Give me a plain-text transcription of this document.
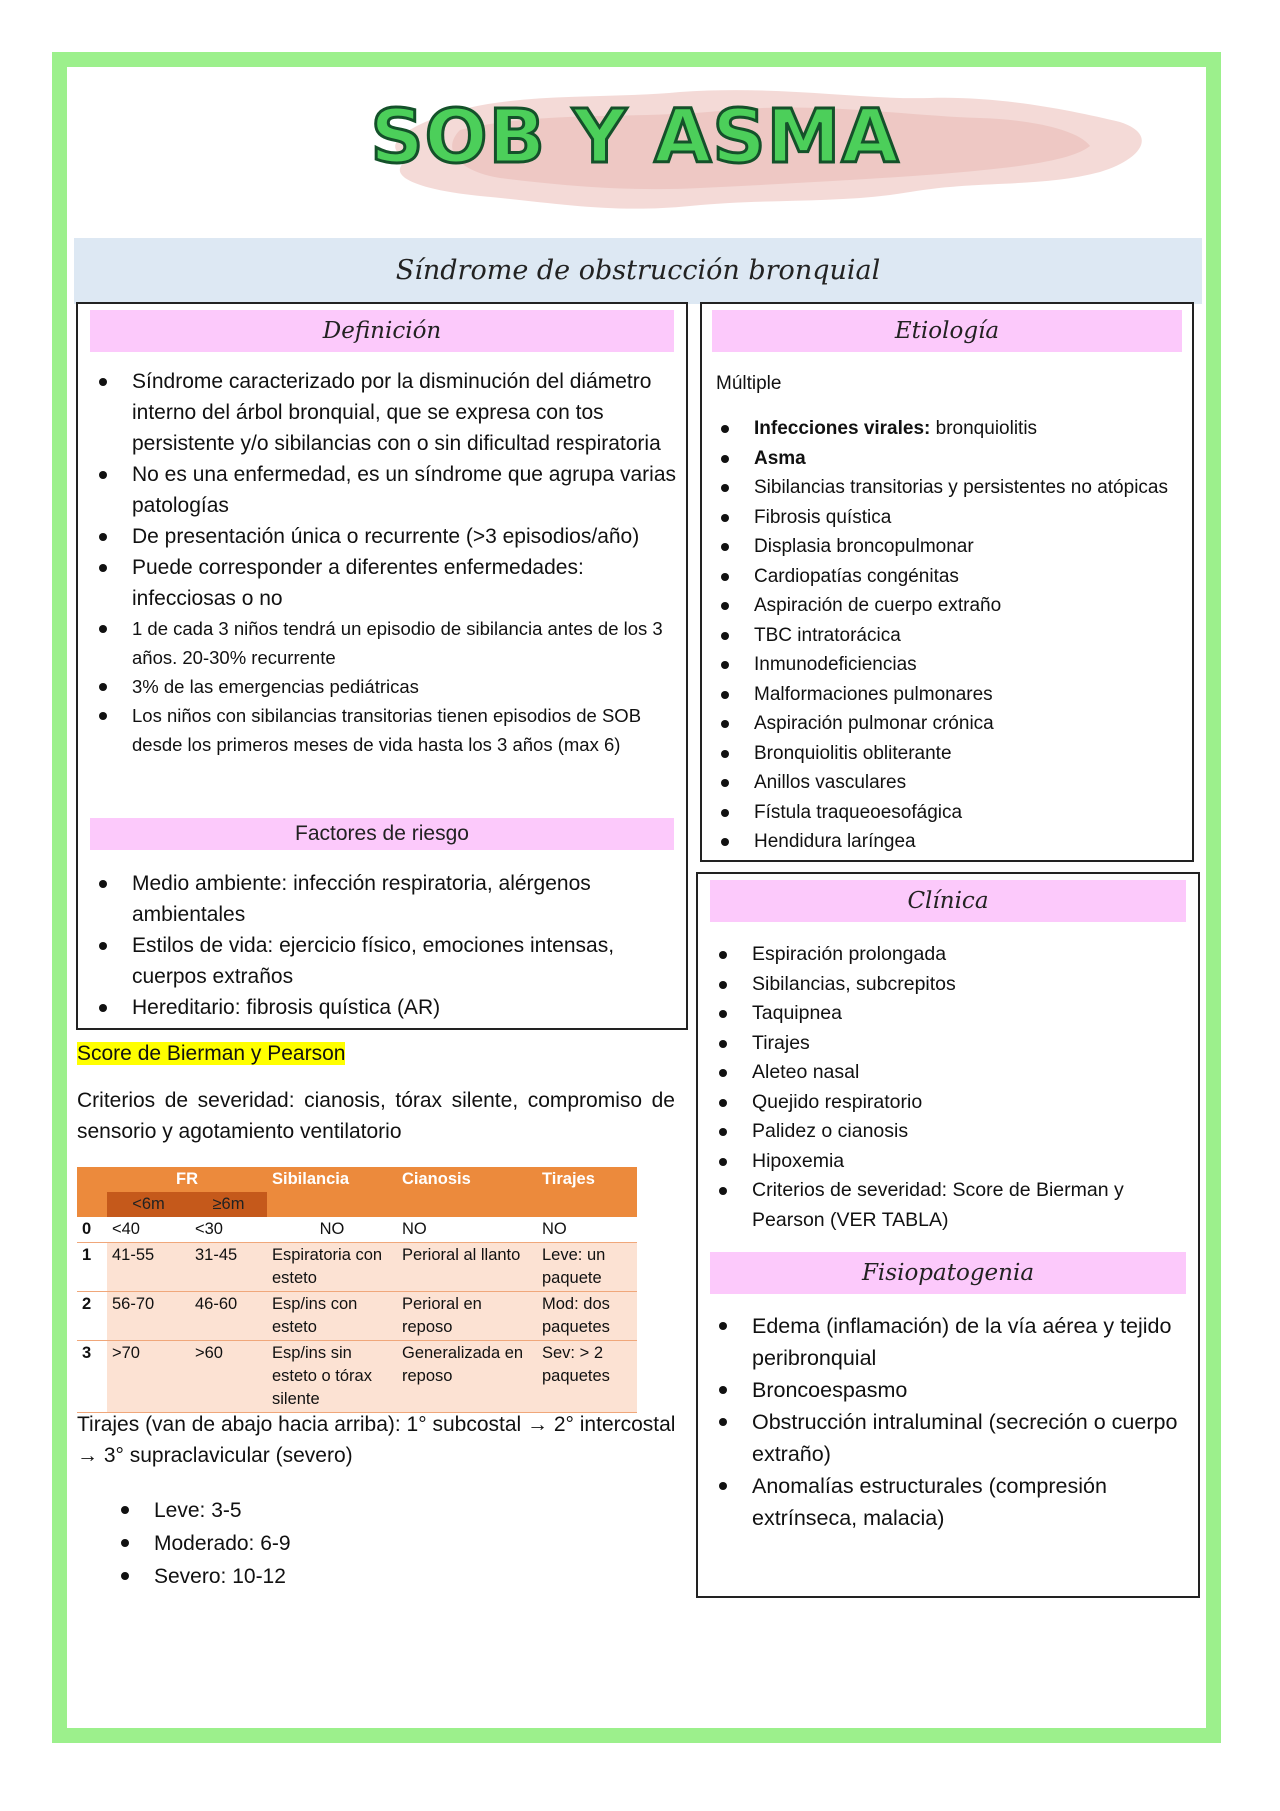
SOB Y ASMA
Síndrome de obstrucción bronquial
Definición
Síndrome caracterizado por la disminución del diámetro interno del árbol bronquial, que se expresa con tos persistente y/o sibilancias con o sin dificultad respiratoria
No es una enfermedad, es un síndrome que agrupa varias patologías
De presentación única o recurrente (>3 episodios/año)
Puede corresponder a diferentes enfermedades: infecciosas o no
1 de cada 3 niños tendrá un episodio de sibilancia antes de los 3 años. 20-30% recurrente
3% de las emergencias pediátricas
Los niños con sibilancias transitorias tienen episodios de SOB desde los primeros meses de vida hasta los 3 años (max 6)
Factores de riesgo
Medio ambiente: infección respiratoria, alérgenos ambientales
Estilos de vida: ejercicio físico, emociones intensas, cuerpos extraños
Hereditario: fibrosis quística (AR)
Score de Bierman y Pearson
Criterios de severidad: cianosis, tórax silente, compromiso de sensorio y agotamiento ventilatorio
	FR		Sibilancia	Cianosis	Tirajes
	<6m	≥6m			
0	<40	<30	NO	NO	NO
1	41-55	31-45	Espiratoria con esteto	Perioral al llanto	Leve: un paquete
2	56-70	46-60	Esp/ins con esteto	Perioral en reposo	Mod: dos paquetes
3	>70	>60	Esp/ins sin esteto o tórax silente	Generalizada en reposo	Sev: > 2 paquetes
Tirajes (van de abajo hacia arriba): 1° subcostal → 2° intercostal → 3° supraclavicular (severo)
Leve: 3-5
Moderado: 6-9
Severo: 10-12
Etiología
Múltiple
Infecciones virales: bronquiolitis
Asma
Sibilancias transitorias y persistentes no atópicas
Fibrosis quística
Displasia broncopulmonar
Cardiopatías congénitas
Aspiración de cuerpo extraño
TBC intratorácica
Inmunodeficiencias
Malformaciones pulmonares
Aspiración pulmonar crónica
Bronquiolitis obliterante
Anillos vasculares
Fístula traqueoesofágica
Hendidura laríngea
Clínica
Espiración prolongada
Sibilancias, subcrepitos
Taquipnea
Tirajes
Aleteo nasal
Quejido respiratorio
Palidez o cianosis
Hipoxemia
Criterios de severidad: Score de Bierman y Pearson (VER TABLA)
Fisiopatogenia
Edema (inflamación) de la vía aérea y tejido peribronquial
Broncoespasmo
Obstrucción intraluminal (secreción o cuerpo extraño)
Anomalías estructurales (compresión extrínseca, malacia)
